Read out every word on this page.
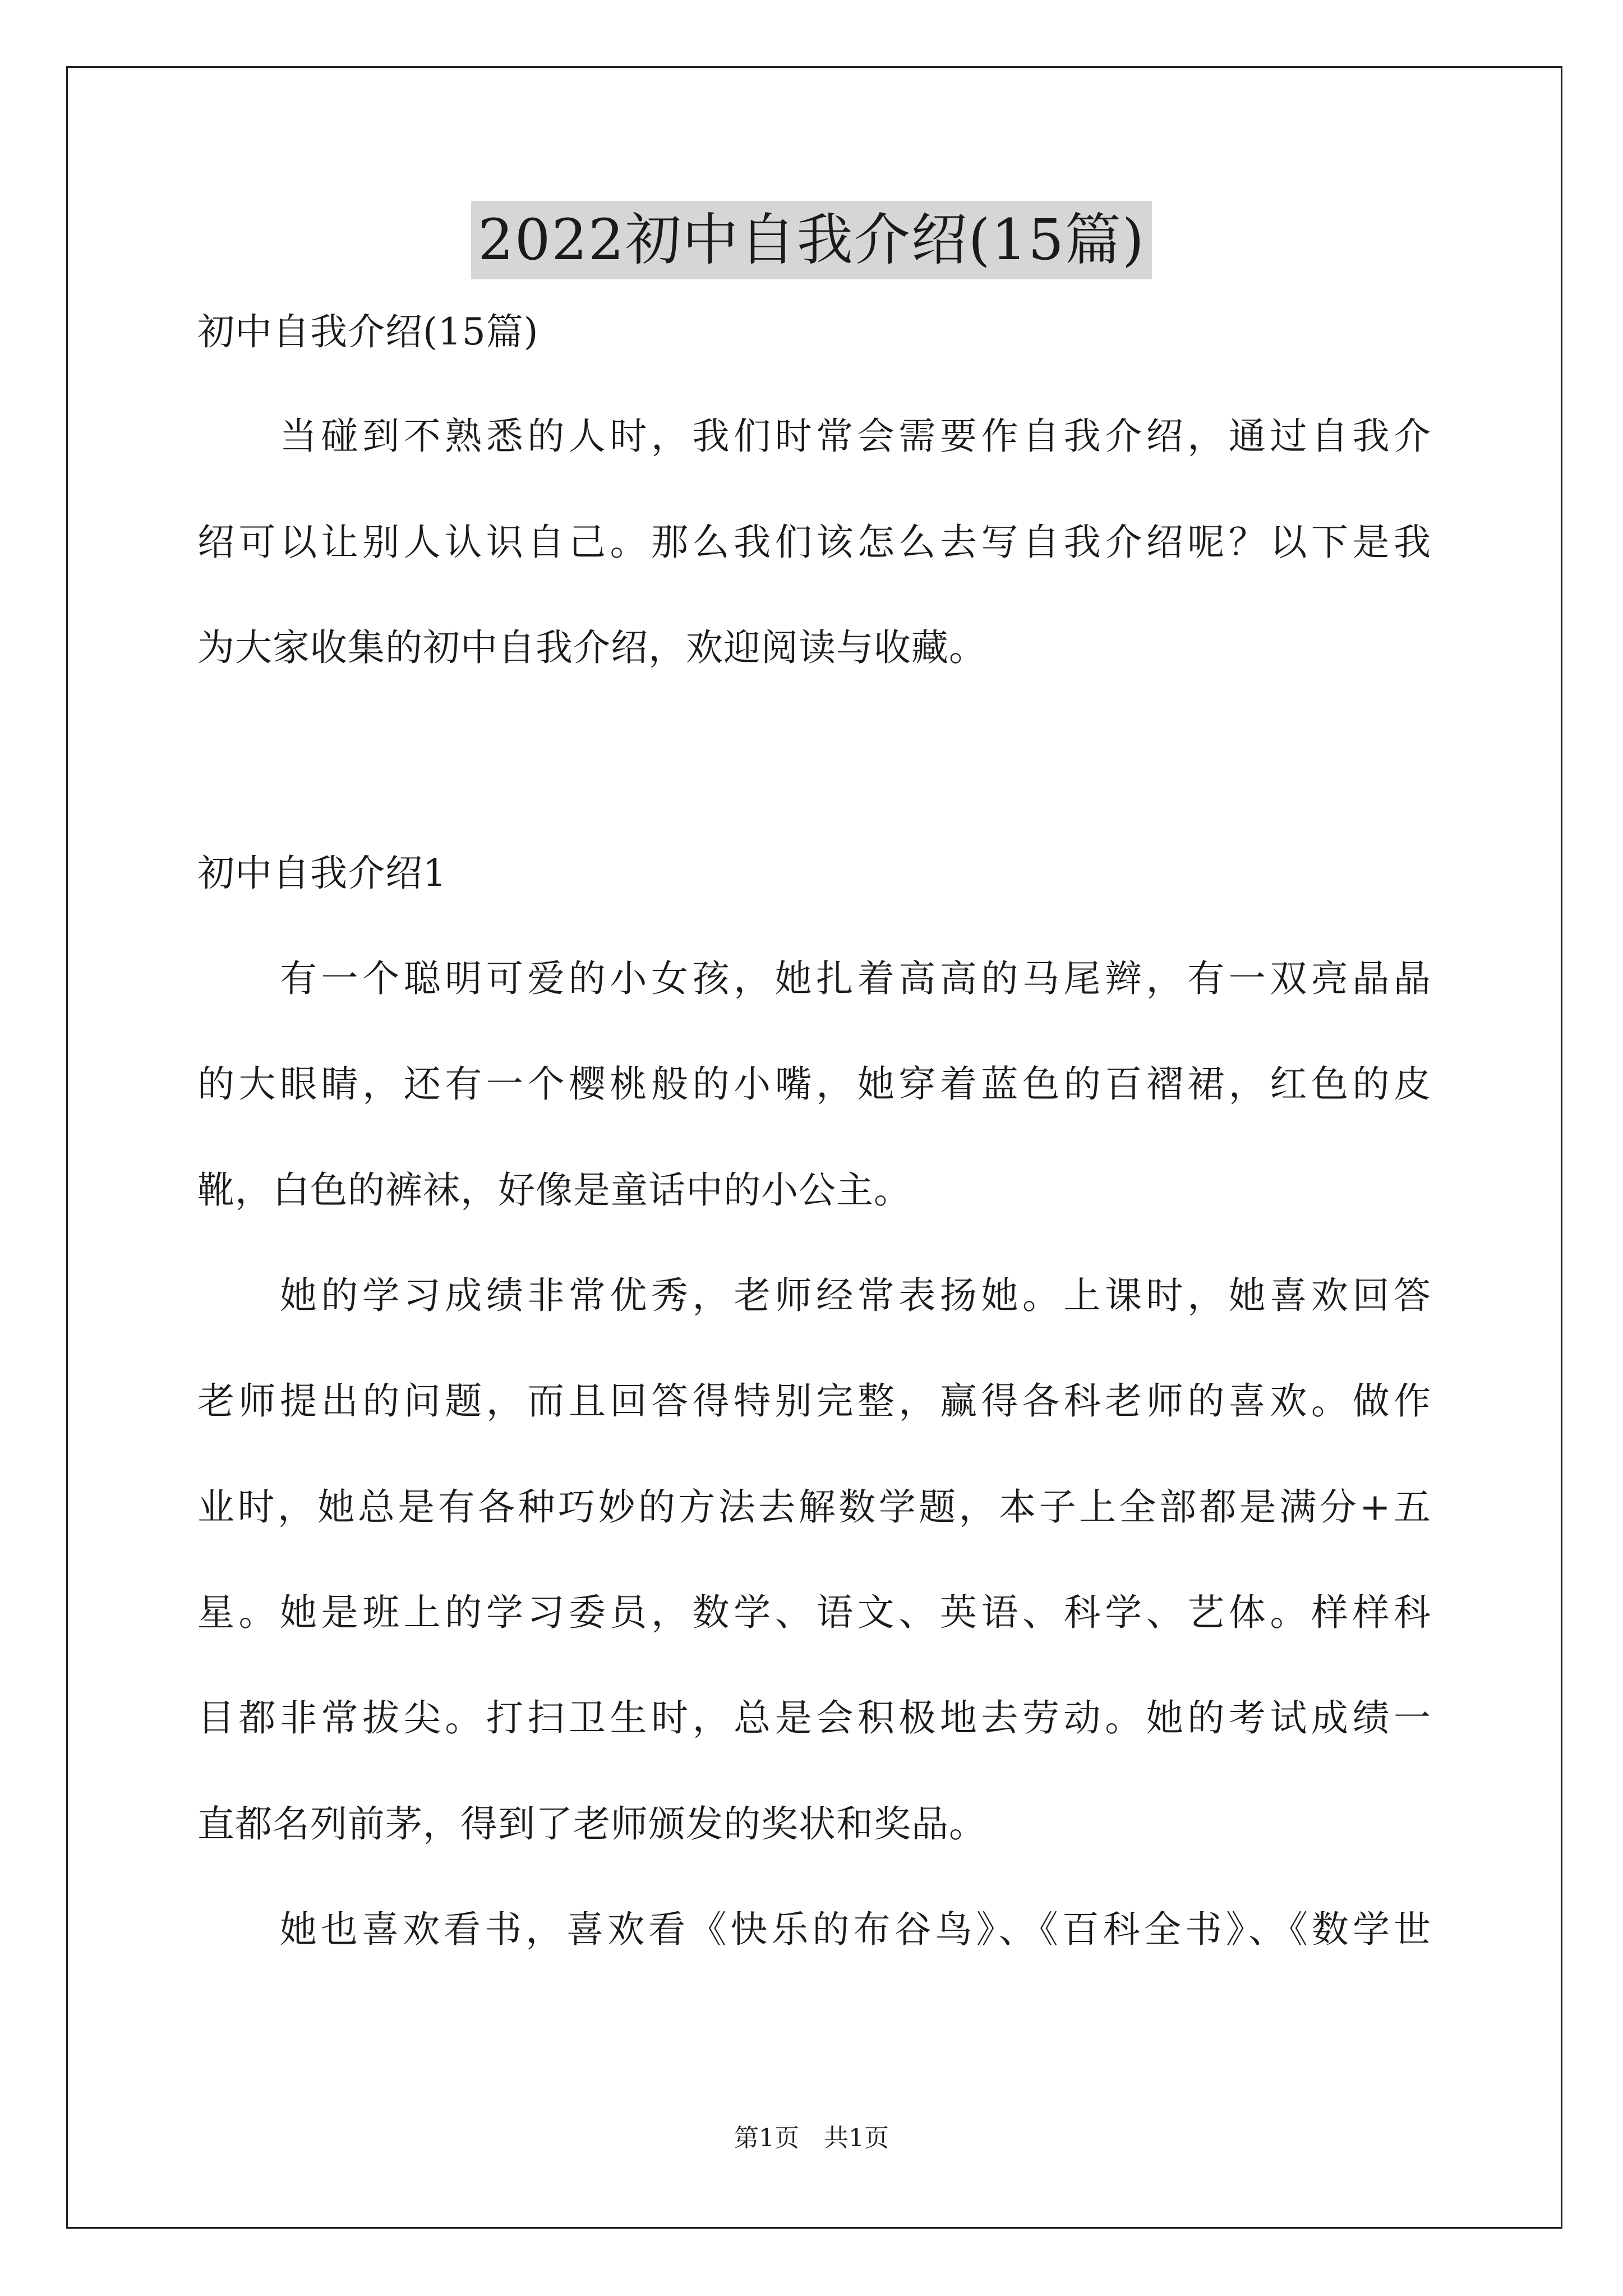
2022初中自我介绍(15篇)

初中自我介绍(15篇)

当碰到不熟悉的人时，我们时常会需要作自我介绍，通过自我介

绍可以让别人认识自己。那么我们该怎么去写自我介绍呢？以下是我

为大家收集的初中自我介绍，欢迎阅读与收藏。

初中自我介绍1

有一个聪明可爱的小女孩，她扎着高高的马尾辫，有一双亮晶晶

的大眼睛，还有一个樱桃般的小嘴，她穿着蓝色的百褶裙，红色的皮

靴，白色的裤袜，好像是童话中的小公主。

她的学习成绩非常优秀，老师经常表扬她。上课时，她喜欢回答

老师提出的问题，而且回答得特别完整，赢得各科老师的喜欢。做作

业时，她总是有各种巧妙的方法去解数学题，本子上全部都是满分+五

星。她是班上的学习委员，数学、语文、英语、科学、艺体。样样科

目都非常拔尖。打扫卫生时，总是会积极地去劳动。她的考试成绩一

直都名列前茅，得到了老师颁发的奖状和奖品。

她也喜欢看书，喜欢看《快乐的布谷鸟》、《百科全书》、《数学世

第1页　共1页
